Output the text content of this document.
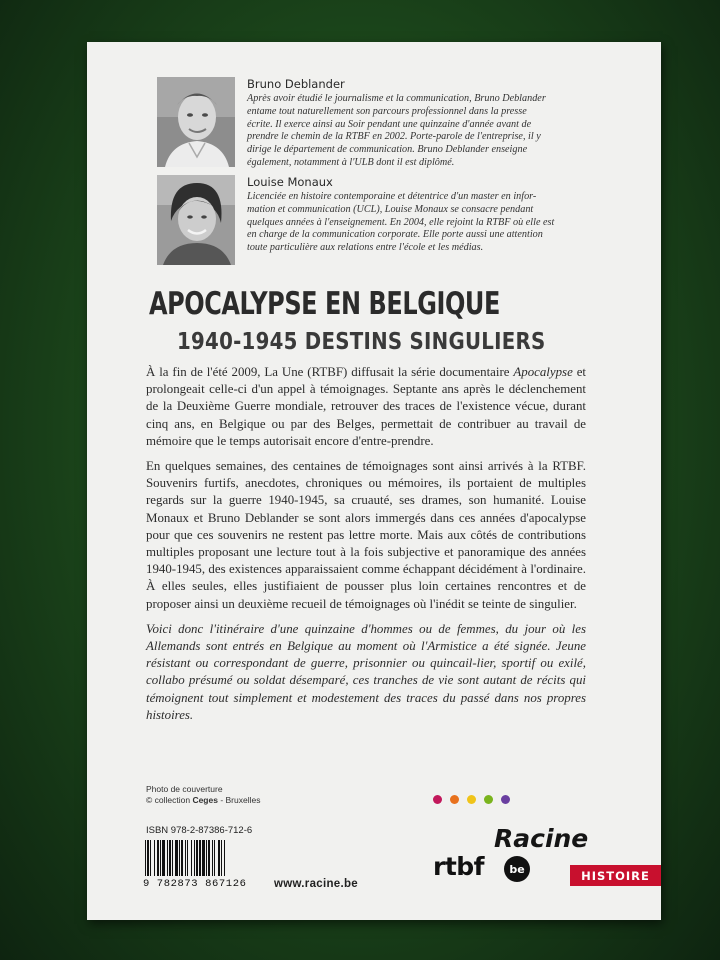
Bruno Deblander
Après avoir étudié le journalisme et la communication, Bruno Deblander
entame tout naturellement son parcours professionnel dans la presse
écrite. Il exerce ainsi au Soir pendant une quinzaine d'année avant de
prendre le chemin de la RTBF en 2002. Porte-parole de l'entreprise, il y
dirige le département de communication. Bruno Deblander enseigne
également, notamment à l'ULB dont il est diplômé.
Louise Monaux
Licenciée en histoire contemporaine et détentrice d'un master en infor-
mation et communication (UCL), Louise Monaux se consacre pendant
quelques années à l'enseignement. En 2004, elle rejoint la RTBF où elle est
en charge de la communication corporate. Elle porte aussi une attention
toute particulière aux relations entre l'école et les médias.
APOCALYPSE EN BELGIQUE
1940-1945 DESTINS SINGULIERS

À la fin de l'été 2009, La Une (RTBF) diffusait la série documentaire Apocalypse et prolongeait celle-ci d'un appel à témoignages. Septante ans après le déclenchement de la Deuxième Guerre mondiale, retrouver des traces de l'existence vécue, durant cinq ans, en Belgique ou par des Belges, permettait de contribuer au travail de mémoire que le temps autorisait encore d'entre-prendre.

En quelques semaines, des centaines de témoignages sont ainsi arrivés à la RTBF. Souvenirs furtifs, anecdotes, chroniques ou mémoires, ils portaient de multiples regards sur la guerre 1940-1945, sa cruauté, ses drames, son humanité. Louise Monaux et Bruno Deblander se sont alors immergés dans ces années d'apocalypse pour que ces souvenirs ne restent pas lettre morte. Mais aux côtés de contributions multiples proposant une lecture tout à la fois subjective et panoramique des années 1940-1945, des existences apparaissaient comme échappant décidément à l'ordinaire. À elles seules, elles justifiaient de pousser plus loin certaines rencontres et de proposer ainsi un deuxième recueil de témoignages où l'inédit se teinte de singulier.

Voici donc l'itinéraire d'une quinzaine d'hommes ou de femmes, du jour où les Allemands sont entrés en Belgique au moment où l'Armistice a été signée. Jeune résistant ou correspondant de guerre, prisonnier ou quincail-lier, sportif ou exilé, collabo présumé ou soldat désemparé, ces tranches de vie sont autant de récits qui témoignent tout simplement et modestement des traces du passé dans nos propres histoires.

Photo de couverture
© collection Ceges - Bruxelles
ISBN 978-2-87386-712-6
9 782873 867126 www.racine.be
Racine
rtbf	be	HISTOIRE
